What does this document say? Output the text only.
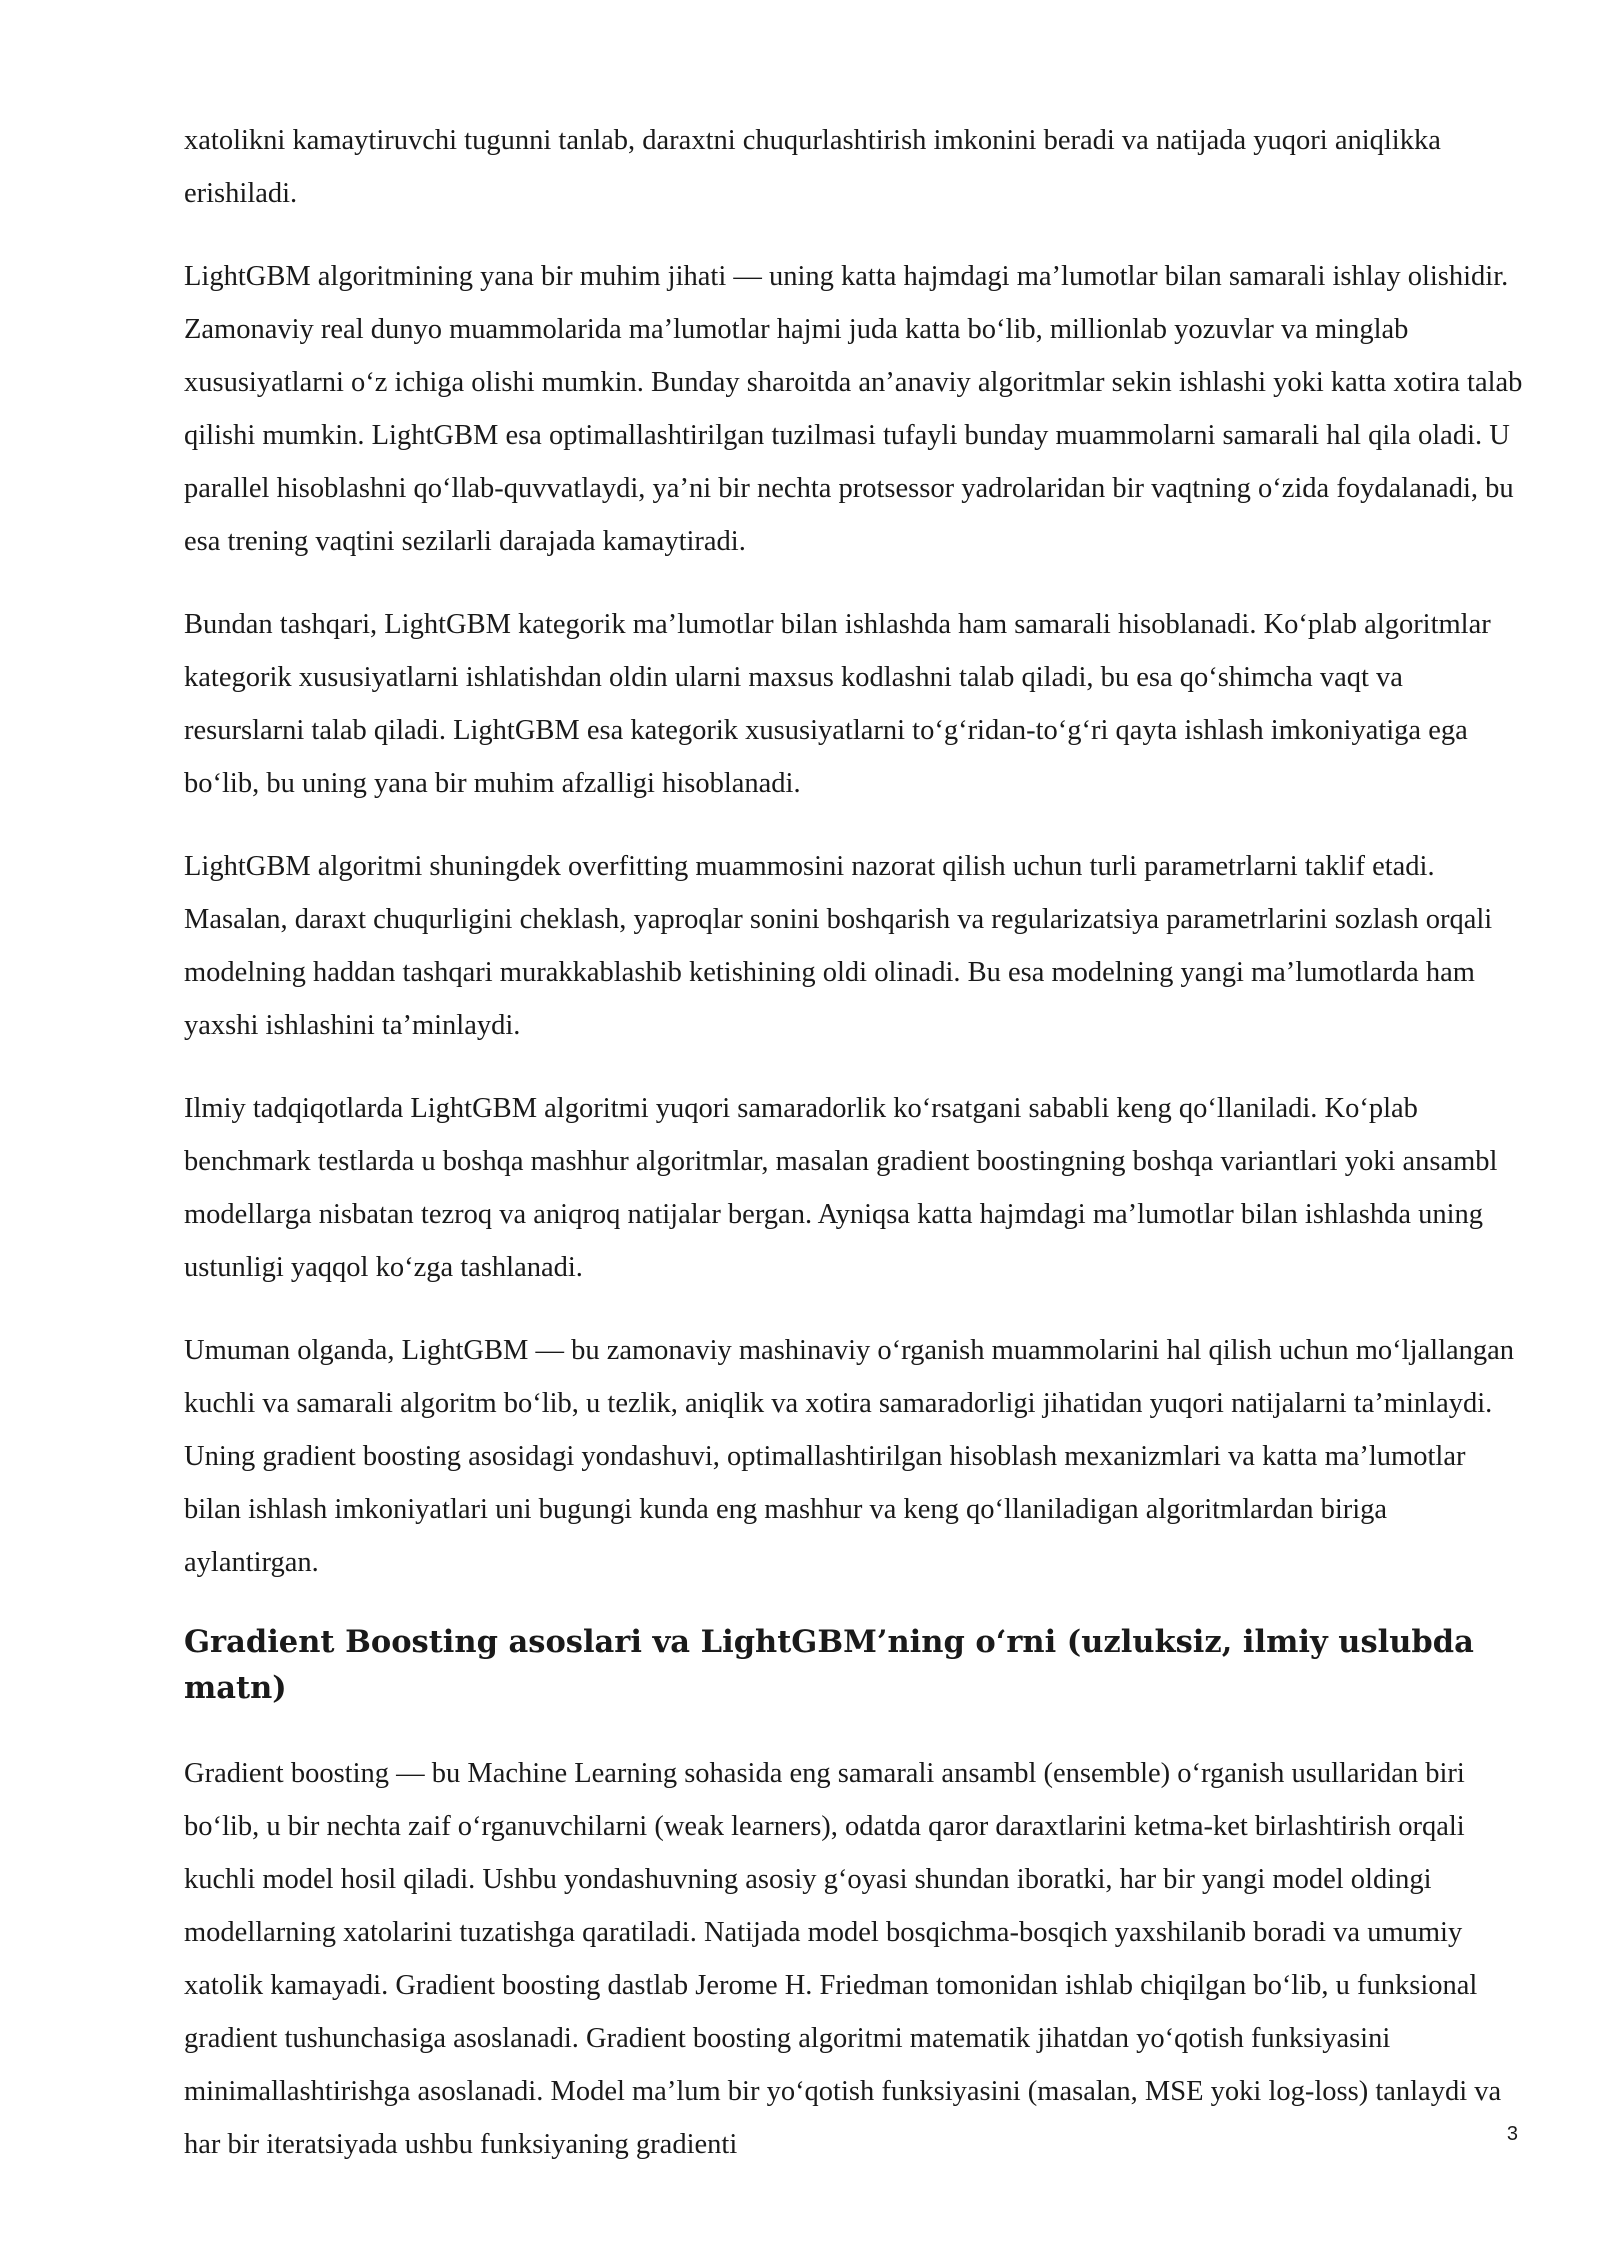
xatolikni kamaytiruvchi tugunni tanlab, daraxtni chuqurlashtirish imkonini beradi va natijada yuqori aniqlikka erishiladi.

LightGBM algoritmining yana bir muhim jihati — uning katta hajmdagi ma’lumotlar bilan samarali ishlay olishidir. Zamonaviy real dunyo muammolarida ma’lumotlar hajmi juda katta boʻlib, millionlab yozuvlar va minglab xususiyatlarni oʻz ichiga olishi mumkin. Bunday sharoitda an’anaviy algoritmlar sekin ishlashi yoki katta xotira talab qilishi mumkin. LightGBM esa optimallashtirilgan tuzilmasi tufayli bunday muammolarni samarali hal qila oladi. U parallel hisoblashni qoʻllab-quvvatlaydi, ya’ni bir nechta protsessor yadrolaridan bir vaqtning oʻzida foydalanadi, bu esa trening vaqtini sezilarli darajada kamaytiradi.

Bundan tashqari, LightGBM kategorik ma’lumotlar bilan ishlashda ham samarali hisoblanadi. Koʻplab algoritmlar kategorik xususiyatlarni ishlatishdan oldin ularni maxsus kodlashni talab qiladi, bu esa qoʻshimcha vaqt va resurslarni talab qiladi. LightGBM esa kategorik xususiyatlarni toʻgʻridan-toʻgʻri qayta ishlash imkoniyatiga ega boʻlib, bu uning yana bir muhim afzalligi hisoblanadi.

LightGBM algoritmi shuningdek overfitting muammosini nazorat qilish uchun turli parametrlarni taklif etadi. Masalan, daraxt chuqurligini cheklash, yaproqlar sonini boshqarish va regularizatsiya parametrlarini sozlash orqali modelning haddan tashqari murakkablashib ketishining oldi olinadi. Bu esa modelning yangi ma’lumotlarda ham yaxshi ishlashini ta’minlaydi.

Ilmiy tadqiqotlarda LightGBM algoritmi yuqori samaradorlik koʻrsatgani sababli keng qoʻllaniladi. Koʻplab benchmark testlarda u boshqa mashhur algoritmlar, masalan gradient boostingning boshqa variantlari yoki ansambl modellarga nisbatan tezroq va aniqroq natijalar bergan. Ayniqsa katta hajmdagi ma’lumotlar bilan ishlashda uning ustunligi yaqqol koʻzga tashlanadi.

Umuman olganda, LightGBM — bu zamonaviy mashinaviy oʻrganish muammolarini hal qilish uchun moʻljallangan kuchli va samarali algoritm boʻlib, u tezlik, aniqlik va xotira samaradorligi jihatidan yuqori natijalarni ta’minlaydi. Uning gradient boosting asosidagi yondashuvi, optimallashtirilgan hisoblash mexanizmlari va katta ma’lumotlar bilan ishlash imkoniyatlari uni bugungi kunda eng mashhur va keng qoʻllaniladigan algoritmlardan biriga aylantirgan.

Gradient Boosting asoslari va LightGBM’ning oʻrni (uzluksiz, ilmiy uslubda matn)

Gradient boosting — bu Machine Learning sohasida eng samarali ansambl (ensemble) oʻrganish usullaridan biri boʻlib, u bir nechta zaif oʻrganuvchilarni (weak learners), odatda qaror daraxtlarini ketma-ket birlashtirish orqali kuchli model hosil qiladi. Ushbu yondashuvning asosiy gʻoyasi shundan iboratki, har bir yangi model oldingi modellarning xatolarini tuzatishga qaratiladi. Natijada model bosqichma-bosqich yaxshilanib boradi va umumiy xatolik kamayadi. Gradient boosting dastlab Jerome H. Friedman tomonidan ishlab chiqilgan boʻlib, u funksional gradient tushunchasiga asoslanadi. Gradient boosting algoritmi matematik jihatdan yoʻqotish funksiyasini minimallashtirishga asoslanadi. Model ma’lum bir yoʻqotish funksiyasini (masalan, MSE yoki log-loss) tanlaydi va har bir iteratsiyada ushbu funksiyaning gradienti	3
